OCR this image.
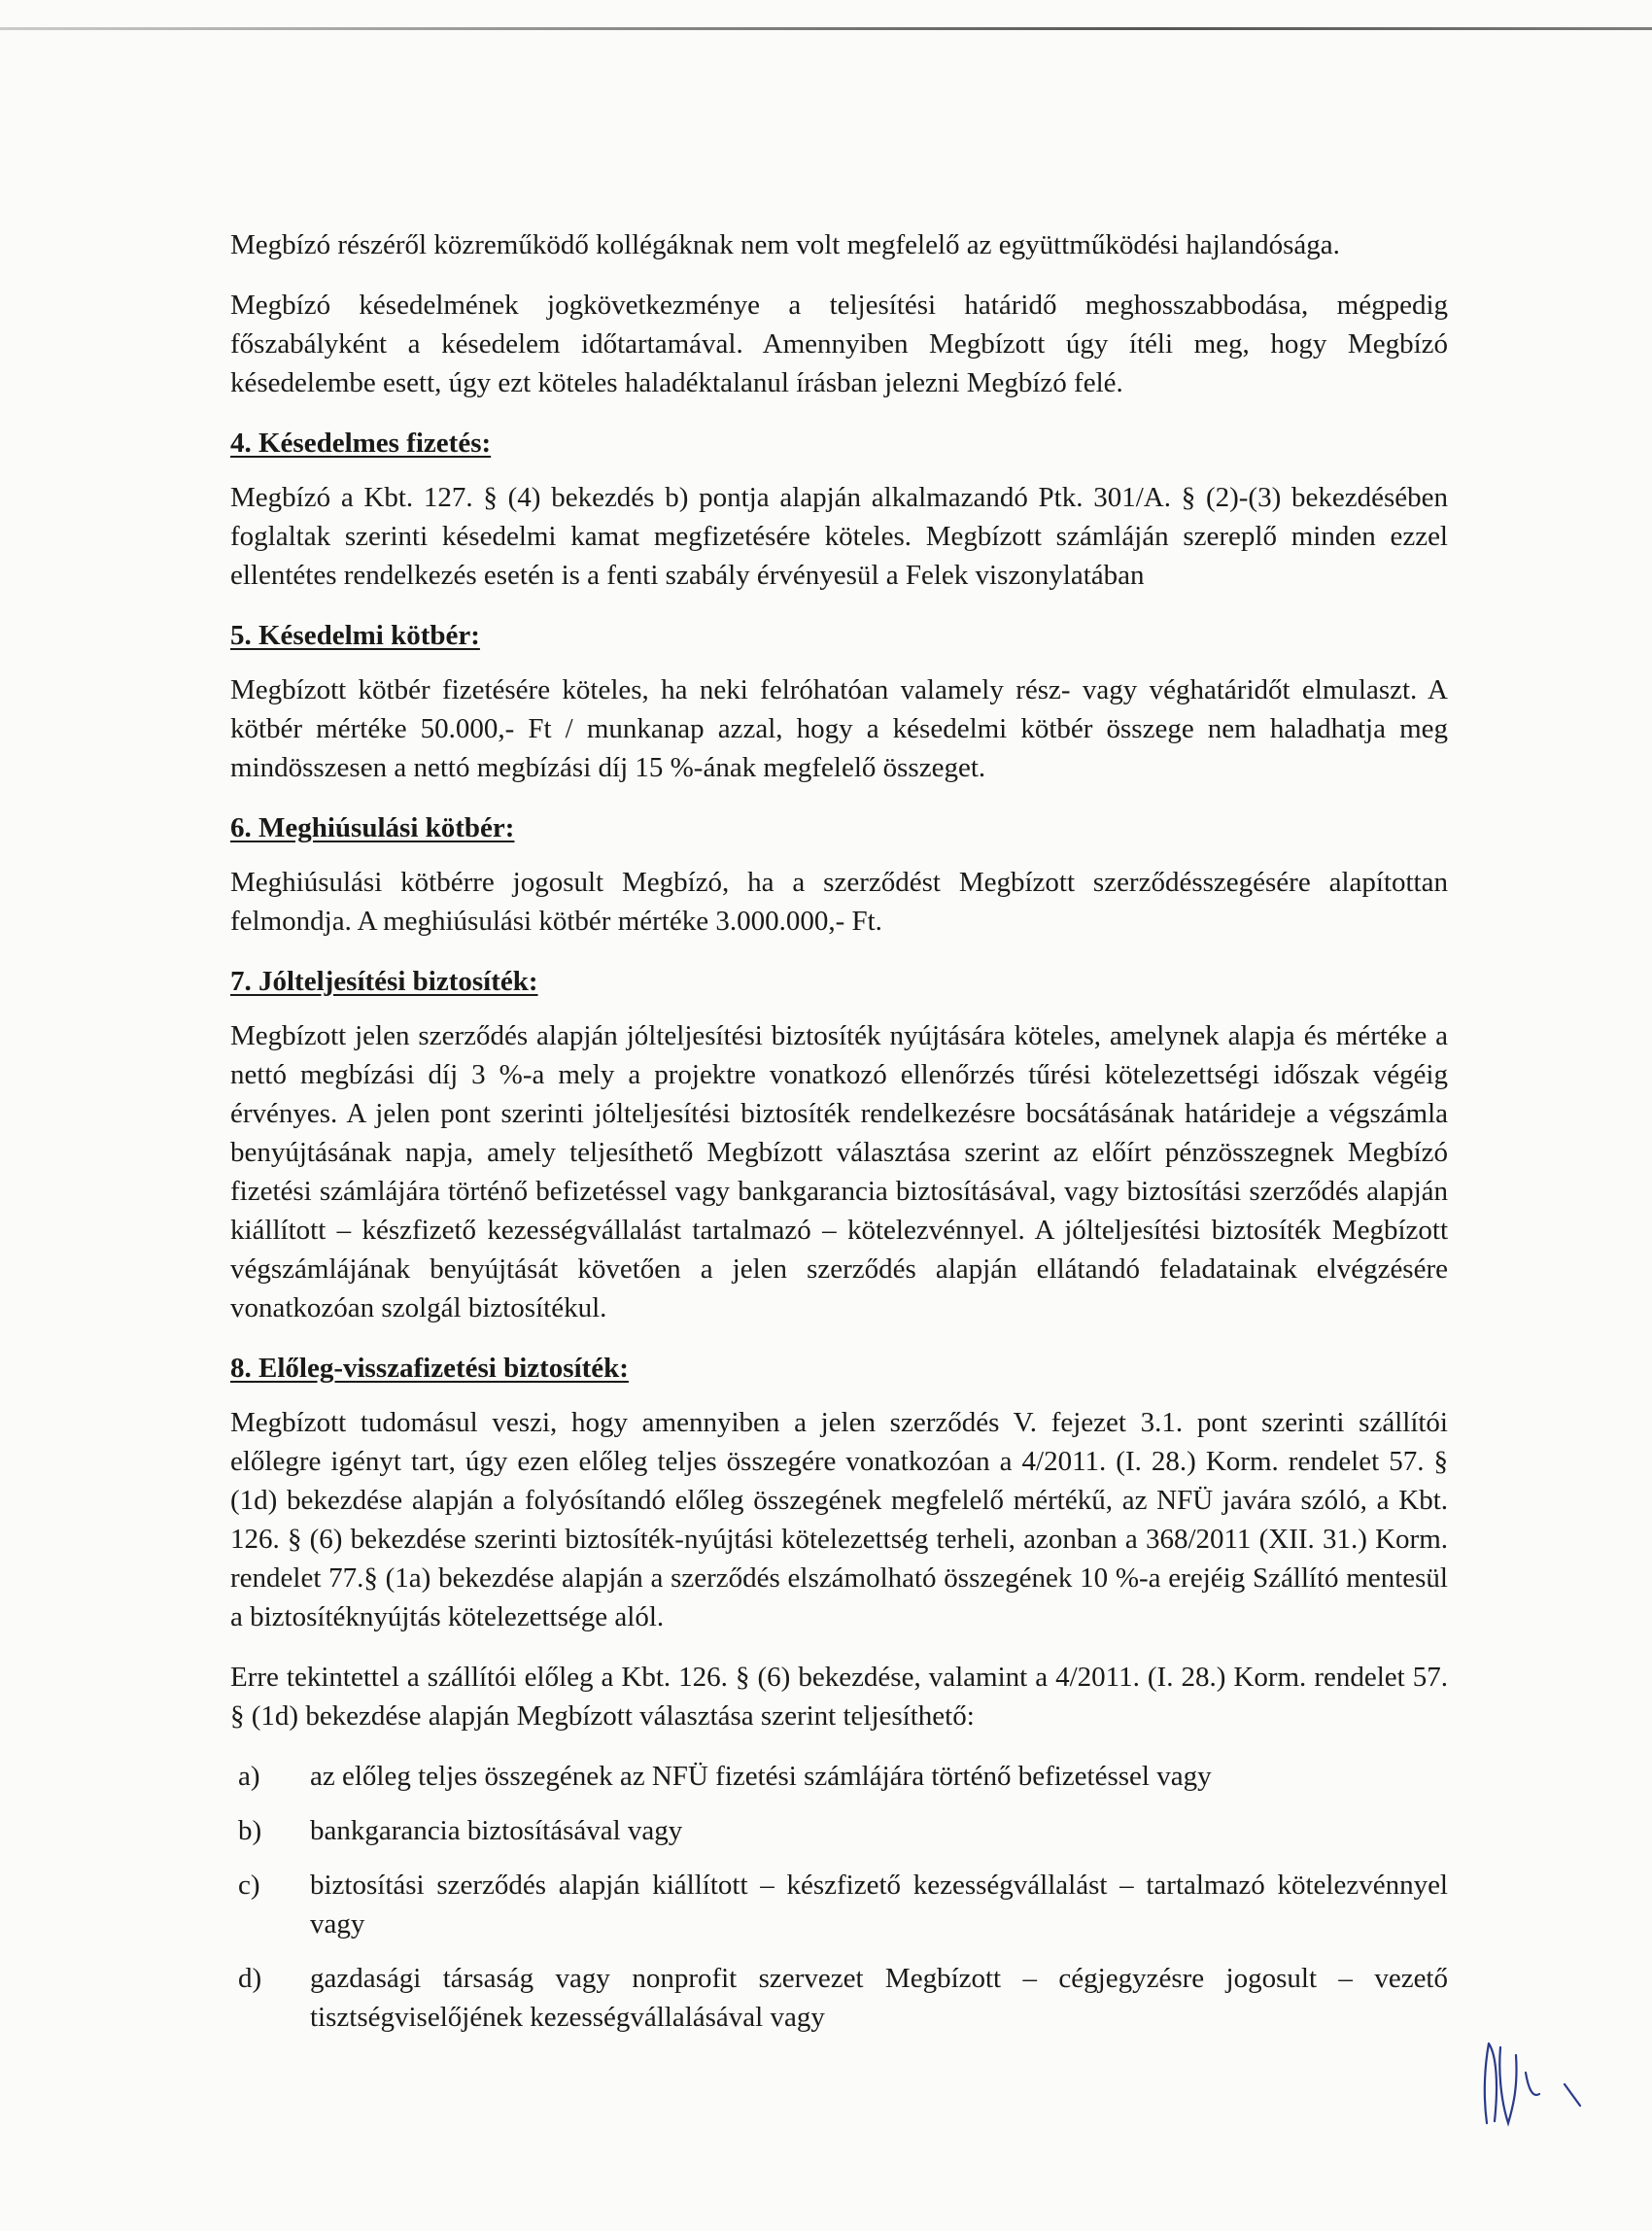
Megbízó részéről közreműködő kollégáknak nem volt megfelelő az együttműködési hajlandósága.

Megbízó késedelmének jogkövetkezménye a teljesítési határidő meghosszabbodása, mégpedig főszabályként a késedelem időtartamával. Amennyiben Megbízott úgy ítéli meg, hogy Megbízó késedelembe esett, úgy ezt köteles haladéktalanul írásban jelezni Megbízó felé.

4. Késedelmes fizetés:

Megbízó a Kbt. 127. § (4) bekezdés b) pontja alapján alkalmazandó Ptk. 301/A. § (2)-(3) bekezdésében foglaltak szerinti késedelmi kamat megfizetésére köteles. Megbízott számláján szereplő minden ezzel ellentétes rendelkezés esetén is a fenti szabály érvényesül a Felek viszonylatában

5. Késedelmi kötbér:

Megbízott kötbér fizetésére köteles, ha neki felróhatóan valamely rész- vagy véghatáridőt elmulaszt. A kötbér mértéke 50.000,- Ft / munkanap azzal, hogy a késedelmi kötbér összege nem haladhatja meg mindösszesen a nettó megbízási díj 15 %-ának megfelelő összeget.

6. Meghiúsulási kötbér:

Meghiúsulási kötbérre jogosult Megbízó, ha a szerződést Megbízott szerződésszegésére alapítottan felmondja. A meghiúsulási kötbér mértéke 3.000.000,- Ft.

7. Jólteljesítési biztosíték:

Megbízott jelen szerződés alapján jólteljesítési biztosíték nyújtására köteles, amelynek alapja és mértéke a nettó megbízási díj 3 %-a mely a projektre vonatkozó ellenőrzés tűrési kötelezettségi időszak végéig érvényes. A jelen pont szerinti jólteljesítési biztosíték rendelkezésre bocsátásának határideje a végszámla benyújtásának napja, amely teljesíthető Megbízott választása szerint az előírt pénzösszegnek Megbízó fizetési számlájára történő befizetéssel vagy bankgarancia biztosításával, vagy biztosítási szerződés alapján kiállított – készfizető kezességvállalást tartalmazó – kötelezvénnyel. A jólteljesítési biztosíték Megbízott végszámlájának benyújtását követően a jelen szerződés alapján ellátandó feladatainak elvégzésére vonatkozóan szolgál biztosítékul.

8. Előleg-visszafizetési biztosíték:

Megbízott tudomásul veszi, hogy amennyiben a jelen szerződés V. fejezet 3.1. pont szerinti szállítói előlegre igényt tart, úgy ezen előleg teljes összegére vonatkozóan a 4/2011. (I. 28.) Korm. rendelet 57. § (1d) bekezdése alapján a folyósítandó előleg összegének megfelelő mértékű, az NFÜ javára szóló, a Kbt. 126. § (6) bekezdése szerinti biztosíték-nyújtási kötelezettség terheli, azonban a 368/2011 (XII. 31.) Korm. rendelet 77.§ (1a) bekezdése alapján a szerződés elszámolható összegének 10 %-a erejéig Szállító mentesül a biztosítéknyújtás kötelezettsége alól.

Erre tekintettel a szállítói előleg a Kbt. 126. § (6) bekezdése, valamint a 4/2011. (I. 28.) Korm. rendelet 57. § (1d) bekezdése alapján Megbízott választása szerint teljesíthető:

a)	az előleg teljes összegének az NFÜ fizetési számlájára történő befizetéssel vagy
b)	bankgarancia biztosításával vagy
c)	biztosítási szerződés alapján kiállított – készfizető kezességvállalást – tartalmazó kötelezvénnyel vagy
d)	gazdasági társaság vagy nonprofit szervezet Megbízott – cégjegyzésre jogosult – vezető tisztségviselőjének kezességvállalásával vagy
